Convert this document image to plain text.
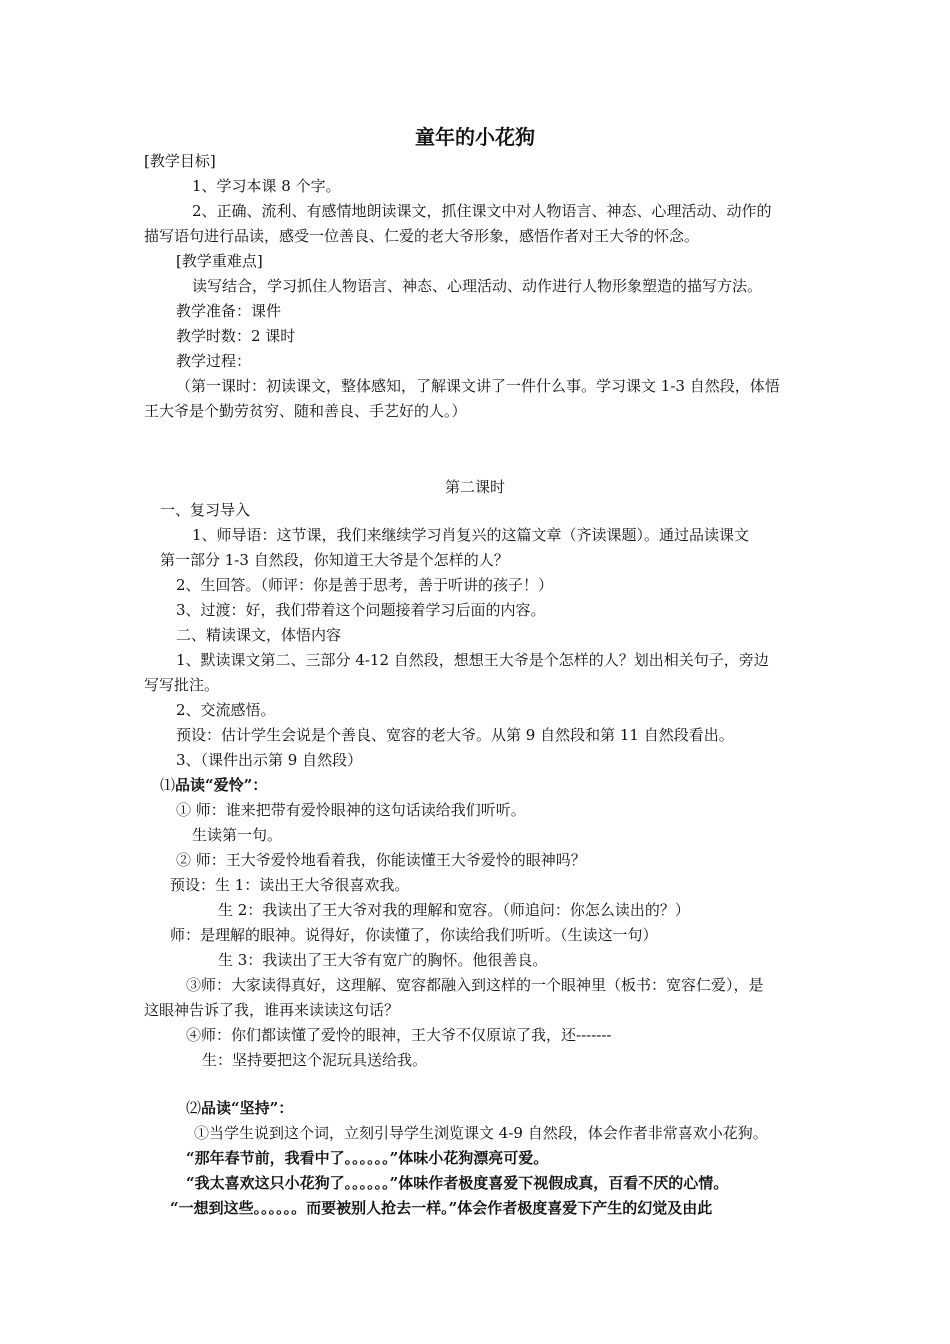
童年的小花狗
[教学目标]
1、学习本课 8 个字。
2、正确、流利、有感情地朗读课文，抓住课文中对人物语言、神态、心理活动、动作的
描写语句进行品读，感受一位善良、仁爱的老大爷形象，感悟作者对王大爷的怀念。
[教学重难点]
读写结合，学习抓住人物语言、神态、心理活动、动作进行人物形象塑造的描写方法。
教学准备：课件
教学时数：2 课时
教学过程：
（第一课时：初读课文，整体感知，了解课文讲了一件什么事。学习课文 1-3 自然段，体悟
王大爷是个勤劳贫穷、随和善良、手艺好的人。）
第二课时
一、复习导入
1、师导语：这节课，我们来继续学习肖复兴的这篇文章（齐读课题）。通过品读课文
第一部分 1-3 自然段，你知道王大爷是个怎样的人？
2、生回答。（师评：你是善于思考，善于听讲的孩子！）
3、过渡：好，我们带着这个问题接着学习后面的内容。
二、精读课文，体悟内容
1、默读课文第二、三部分 4-12 自然段，想想王大爷是个怎样的人？划出相关句子，旁边
写写批注。
2、交流感悟。
预设：估计学生会说是个善良、宽容的老大爷。从第 9 自然段和第 11 自然段看出。
3、（课件出示第 9 自然段）
⑴品读“爱怜”：
① 师：谁来把带有爱怜眼神的这句话读给我们听听。
生读第一句。
② 师：王大爷爱怜地看着我，你能读懂王大爷爱怜的眼神吗？
预设：生 1：读出王大爷很喜欢我。
生 2：我读出了王大爷对我的理解和宽容。（师追问：你怎么读出的？）
师：是理解的眼神。说得好，你读懂了，你读给我们听听。（生读这一句）
生 3：我读出了王大爷有宽广的胸怀。他很善良。
③师：大家读得真好，这理解、宽容都融入到这样的一个眼神里（板书：宽容仁爱），是
这眼神告诉了我，谁再来读读这句话？
④师：你们都读懂了爱怜的眼神，王大爷不仅原谅了我，还-------
生：坚持要把这个泥玩具送给我。
⑵品读“坚持”：
①当学生说到这个词，立刻引导学生浏览课文 4-9 自然段，体会作者非常喜欢小花狗。
“那年春节前，我看中了。。。。。。”体味小花狗漂亮可爱。
“我太喜欢这只小花狗了。。。。。。”体味作者极度喜爱下视假成真，百看不厌的心情。
“一想到这些。。。。。。而要被别人抢去一样。”体会作者极度喜爱下产生的幻觉及由此
